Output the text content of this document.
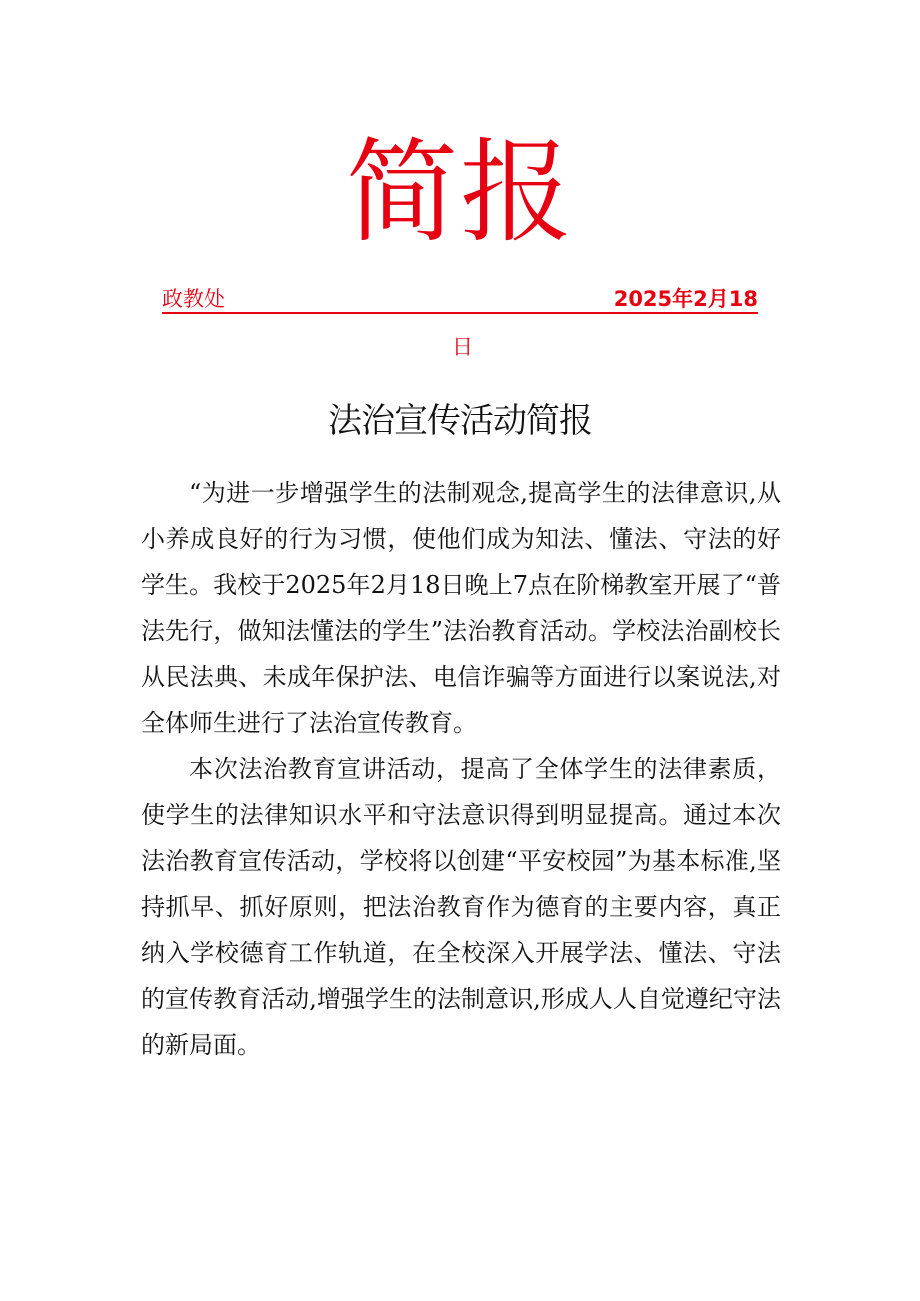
简报
政教处	2025年2月18
日
法治宣传活动简报

“为进一步增强学生的法制观念,提高学生的法律意识,从小养成良好的行为习惯，使他们成为知法、懂法、守法的好学生。我校于2025年2月18日晚上7点在阶梯教室开展了“普法先行，做知法懂法的学生”法治教育活动。学校法治副校长从民法典、未成年保护法、电信诈骗等方面进行以案说法,对全体师生进行了法治宣传教育。

本次法治教育宣讲活动，提高了全体学生的法律素质，使学生的法律知识水平和守法意识得到明显提高。通过本次法治教育宣传活动，学校将以创建“平安校园”为基本标准,坚持抓早、抓好原则，把法治教育作为德育的主要内容，真正纳入学校德育工作轨道，在全校深入开展学法、懂法、守法的宣传教育活动,增强学生的法制意识,形成人人自觉遵纪守法的新局面。
